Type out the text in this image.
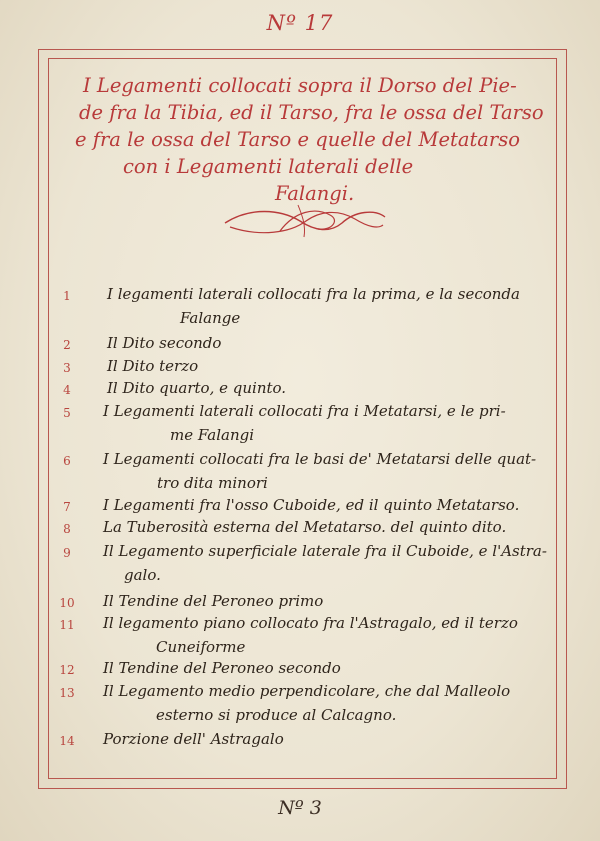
Nº 17
I Legamenti collocati sopra il Dorso del Pie-
de fra la Tibia, ed il Tarso, fra le ossa del Tarso
e fra le ossa del Tarso e quelle del Metatarso
con i Legamenti laterali delle
Falangi.
1	I legamenti laterali collocati fra la prima, e la seconda
Falange
2	Il Dito secondo
3	Il Dito terzo
4	Il Dito quarto, e quinto.
5	I Legamenti laterali collocati fra i Metatarsi, e le pri-
me Falangi
6	I Legamenti collocati fra le basi de' Metatarsi delle quat-
tro dita minori
7	I Legamenti fra l'osso Cuboide, ed il quinto Metatarso.
8	La Tuberosità esterna del Metatarso. del quinto dito.
9	Il Legamento superficiale laterale fra il Cuboide, e l'Astra-
galo.
10	Il Tendine del Peroneo primo
11	Il legamento piano collocato fra l'Astragalo, ed il terzo
Cuneiforme
12	Il Tendine del Peroneo secondo
13	Il Legamento medio perpendicolare, che dal Malleolo
esterno si produce al Calcagno.
14	Porzione dell' Astragalo
Nº 3
